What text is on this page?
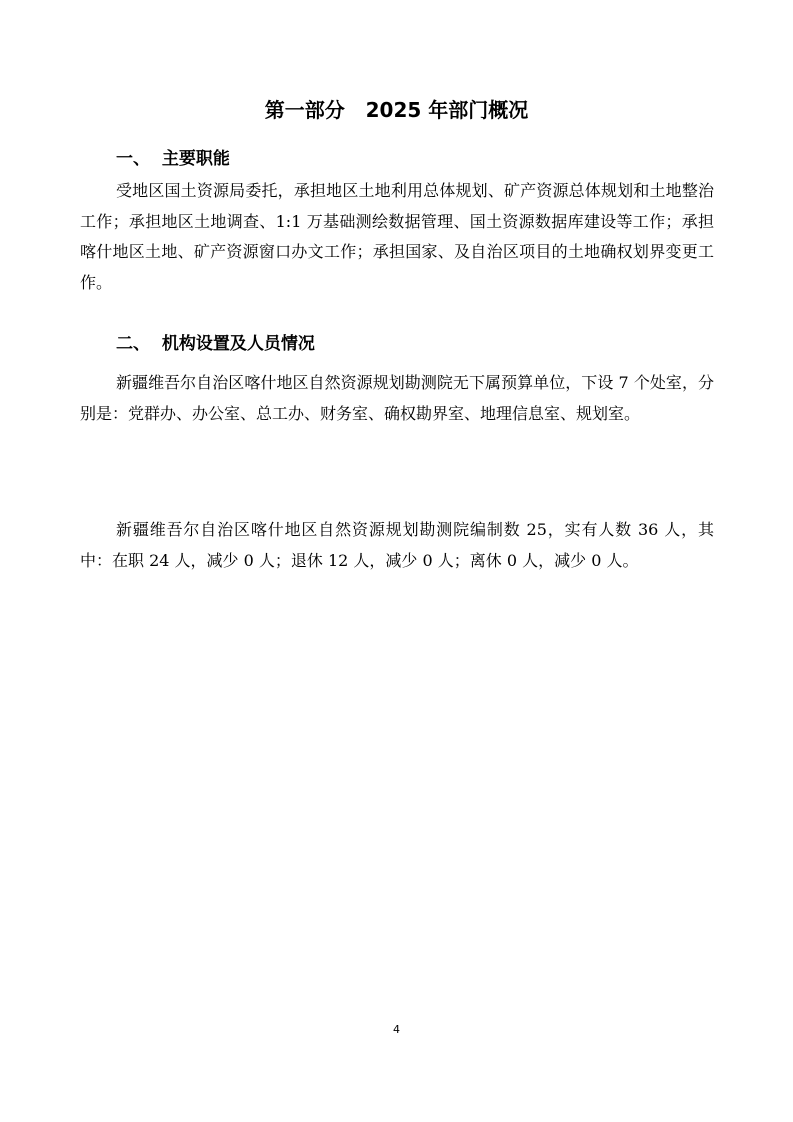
第一部分   2025 年部门概况
一、  主要职能

受地区国土资源局委托，承担地区土地利用总体规划、矿产资源总体规划和土地整治工作；承担地区土地调查、1:1 万基础测绘数据管理、国土资源数据库建设等工作；承担喀什地区土地、矿产资源窗口办文工作；承担国家、及自治区项目的土地确权划界变更工作。

二、  机构设置及人员情况

新疆维吾尔自治区喀什地区自然资源规划勘测院无下属预算单位，下设 7 个处室，分别是：党群办、办公室、总工办、财务室、确权勘界室、地理信息室、规划室。

新疆维吾尔自治区喀什地区自然资源规划勘测院编制数 25，实有人数 36 人，其中：在职 24 人，减少 0 人；退休 12 人，减少 0 人；离休 0 人，减少 0 人。

4
